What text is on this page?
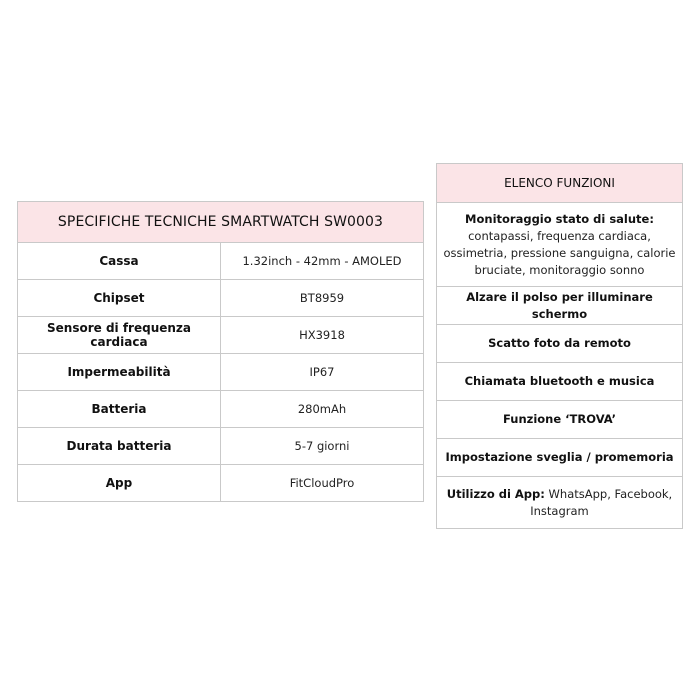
SPECIFICHE TECNICHE SMARTWATCH SW0003	
Cassa	1.32inch - 42mm - AMOLED
Chipset	BT8959
Sensore di frequenza cardiaca	HX3918
Impermeabilità	IP67
Batteria	280mAh
Durata batteria	5-7 giorni
App	FitCloudPro
ELENCO FUNZIONI
Monitoraggio stato di salute:
contapassi, frequenza cardiaca, ossimetria, pressione sanguigna, calorie bruciate, monitoraggio sonno
Alzare il polso per illuminare schermo
Scatto foto da remoto
Chiamata bluetooth e musica
Funzione ‘TROVA’
Impostazione sveglia / promemoria
Utilizzo di App: WhatsApp, Facebook, Instagram
